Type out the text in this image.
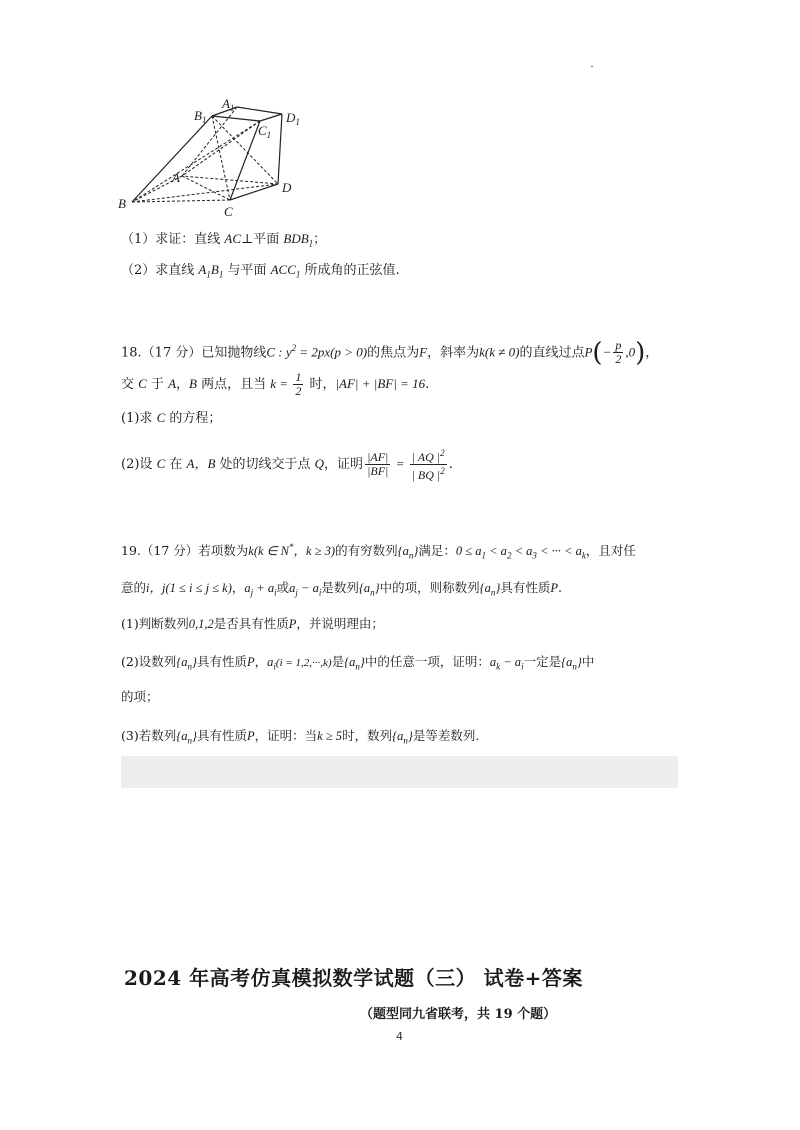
$B_1$
$A_1$
$C_1$
$D_1$
A
B
C
D
（1）求证：直线 AC⊥平面 $BDB_1$；
（2）求直线 $A_1B_1$ 与平面 $ACC_1$ 所成角的正弦值.
18.（17 分）已知抛物线C : $y^2 = 2px(p > 0)$的焦点为F，斜率为k(k ≠ 0)的直线过点$P(- \frac{p}{2} ,0)$，
交 C 于 A，B 两点，且当 $k = \frac{1}{2}$ 时，|AF| + |BF| = 16.
(1)求 C 的方程；
(2)设 C 在 A，B 处的切线交于点 Q，证明 $\frac{|AF|}{|BF|} = \frac{| AQ |^2}{| BQ |^2}$ .
19.（17 分）若项数为k(k ∈ N*，k ≥ 3)的有穷数列$\{a_n\}$满足：$0 \le a_1 < a_2 < a_3$ < ··· < $a_k$，且对任
意的i，j(1 ≤ i ≤ j ≤ k)，$a_j + a_i$或$a_j - a_i$是数列$\{a_n\}$中的项，则称数列$\{a_n\}$具有性质P.
(1)判断数列0,1,2是否具有性质P，并说明理由；
(2)设数列$\{a_n\}$具有性质P，$a_i(i = 1,2,\cdot\cdot\cdot,k)$是$\{a_n\}$中的任意一项，证明：$a_k - a_i$一定是$\{a_n\}$中
的项；
(3)若数列$\{a_n\}$具有性质P，证明：当k ≥ 5时，数列$\{a_n\}$是等差数列.
2024 年高考仿真模拟数学试题（三） 试卷+答案
（题型同九省联考，共 19 个题）
4
